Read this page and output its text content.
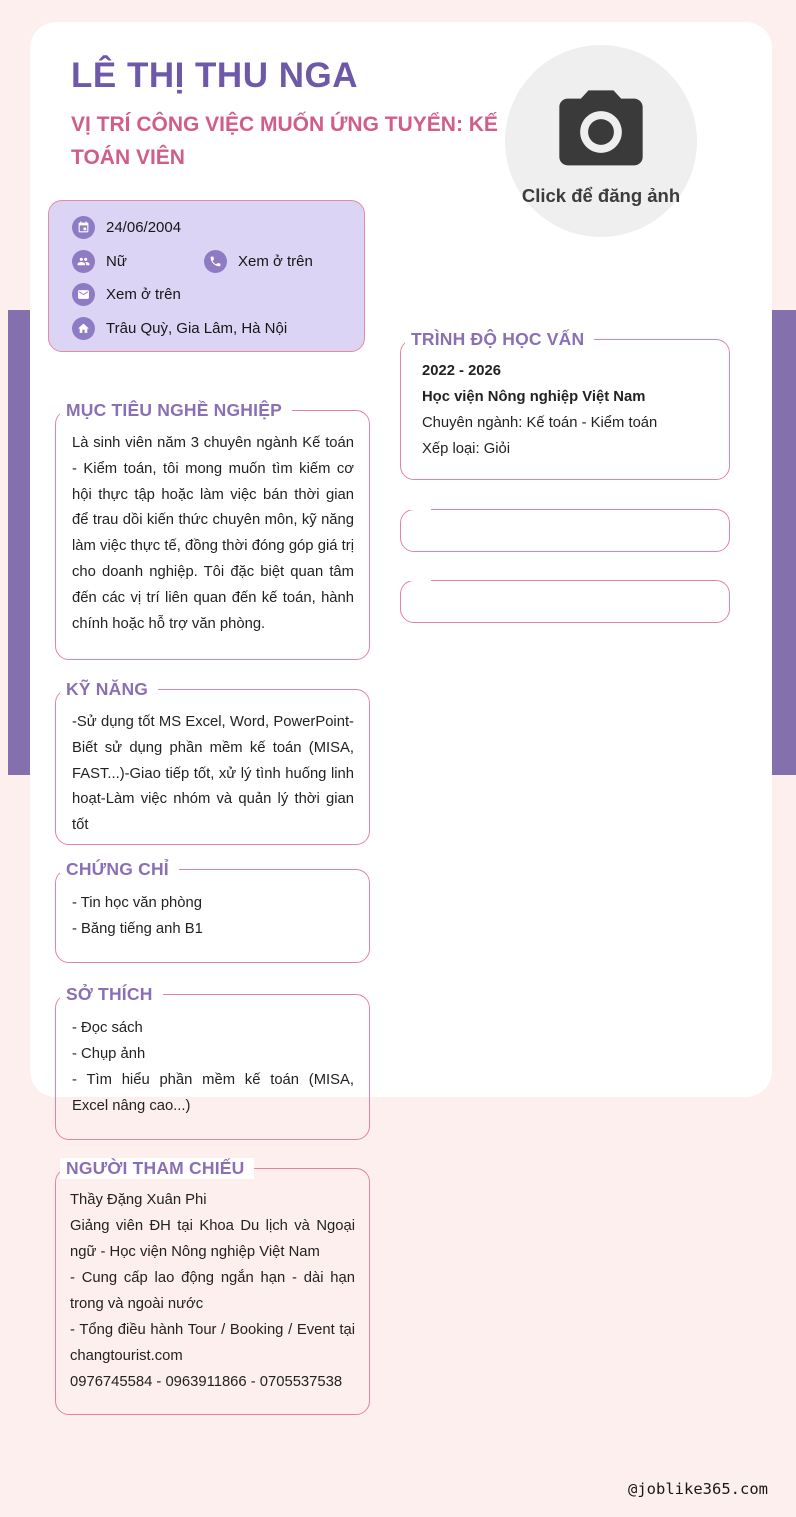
LÊ THỊ THU NGA
VỊ TRÍ CÔNG VIỆC MUỐN ỨNG TUYỂN: KẾ TOÁN VIÊN
Click để đăng ảnh
24/06/2004
Nữ	Xem ở trên
Xem ở trên
Trâu Quỳ, Gia Lâm, Hà Nội
MỤC TIÊU NGHỀ NGHIỆP
Là sinh viên năm 3 chuyên ngành Kế toán - Kiểm toán, tôi mong muốn tìm kiếm cơ hội thực tập hoặc làm việc bán thời gian để trau dồi kiến thức chuyên môn, kỹ năng làm việc thực tế, đồng thời đóng góp giá trị cho doanh nghiệp. Tôi đặc biệt quan tâm đến các vị trí liên quan đến kế toán, hành chính hoặc hỗ trợ văn phòng.
KỸ NĂNG
-Sử dụng tốt MS Excel, Word, PowerPoint-Biết sử dụng phần mềm kế toán (MISA, FAST...)-Giao tiếp tốt, xử lý tình huống linh hoạt-Làm việc nhóm và quản lý thời gian tốt
CHỨNG CHỈ
- Tin học văn phòng
- Băng tiếng anh B1
SỞ THÍCH
- Đọc sách
- Chụp ảnh
- Tìm hiểu phần mềm kế toán (MISA, Excel nâng cao...)
NGƯỜI THAM CHIẾU
Thầy Đặng Xuân Phi
Giảng viên ĐH tại Khoa Du lịch và Ngoại ngữ - Học viện Nông nghiệp Việt Nam
- Cung cấp lao động ngắn hạn - dài hạn trong và ngoài nước
- Tổng điều hành Tour / Booking / Event tại changtourist.com
0976745584 - 0963911866 - 0705537538
TRÌNH ĐỘ HỌC VẤN
2022 - 2026
Học viện Nông nghiệp Việt Nam
Chuyên ngành: Kế toán - Kiểm toán
Xếp loại: Giỏi
@joblike365.com
